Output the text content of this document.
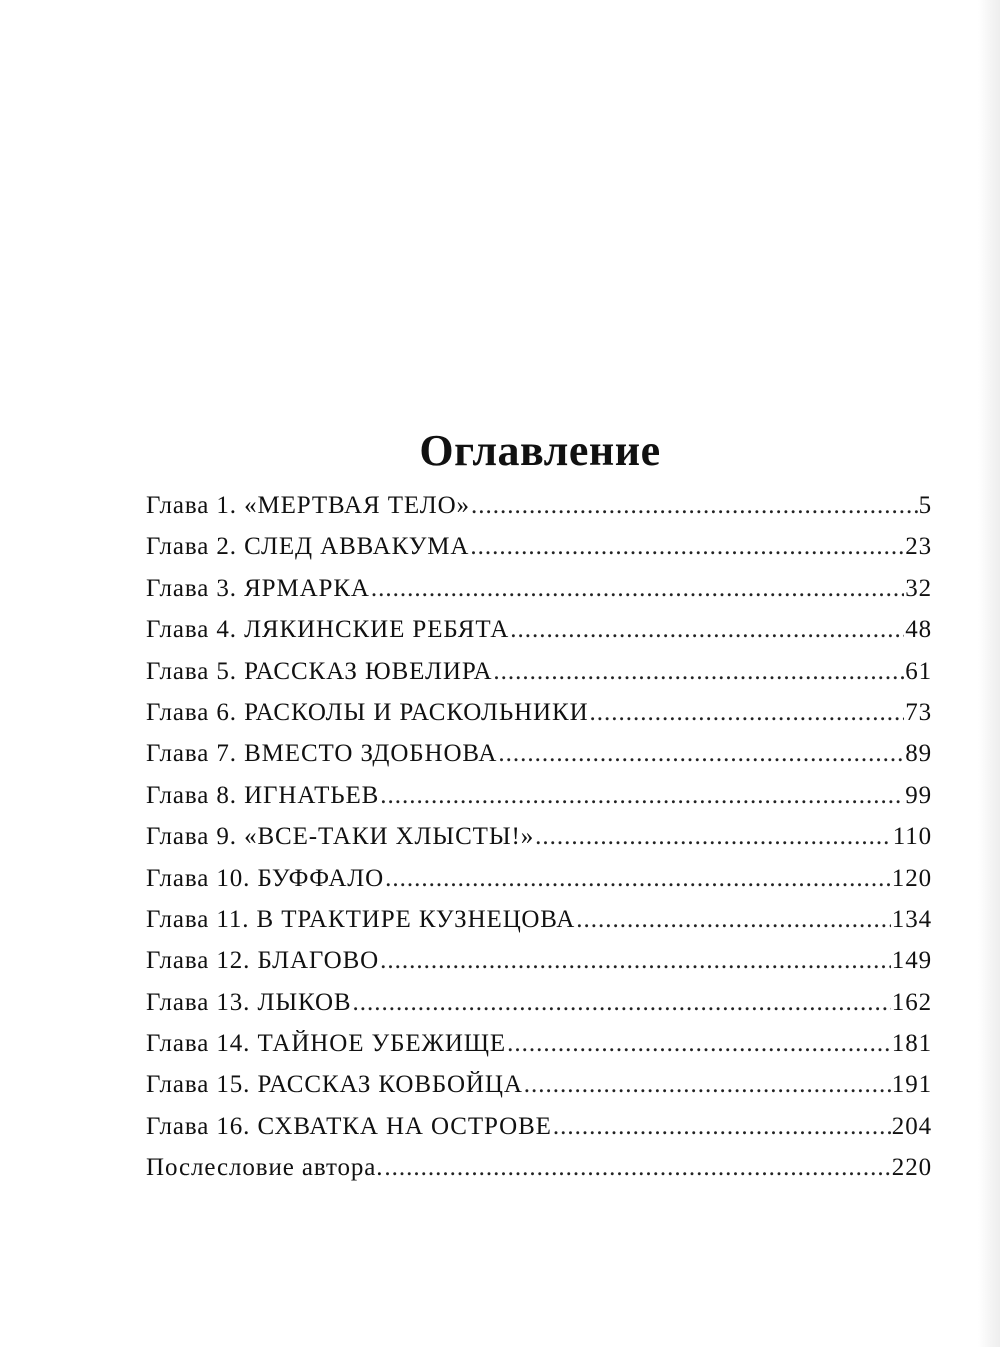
Оглавление
Глава 1. «МЕРТВАЯ ТЕЛО» .....	5
Глава 2. СЛЕД АВВАКУМА .....	23
Глава 3. ЯРМАРКА .....	32
Глава 4. ЛЯКИНСКИЕ РЕБЯТА .....	48
Глава 5. РАССКАЗ ЮВЕЛИРА .....	61
Глава 6. РАСКОЛЫ И РАСКОЛЬНИКИ .....	73
Глава 7. ВМЕСТО ЗДОБНОВА .....	89
Глава 8. ИГНАТЬЕВ .....	99
Глава 9. «ВСЕ-ТАКИ ХЛЫСТЫ!» .....	110
Глава 10. БУФФАЛО .....	120
Глава 11. В ТРАКТИРЕ КУЗНЕЦОВА .....	134
Глава 12. БЛАГОВО .....	149
Глава 13. ЛЫКОВ .....	162
Глава 14. ТАЙНОЕ УБЕЖИЩЕ .....	181
Глава 15. РАССКАЗ КОВБОЙЦА .....	191
Глава 16. СХВАТКА НА ОСТРОВЕ .....	204
Послесловие автора. .....	220
